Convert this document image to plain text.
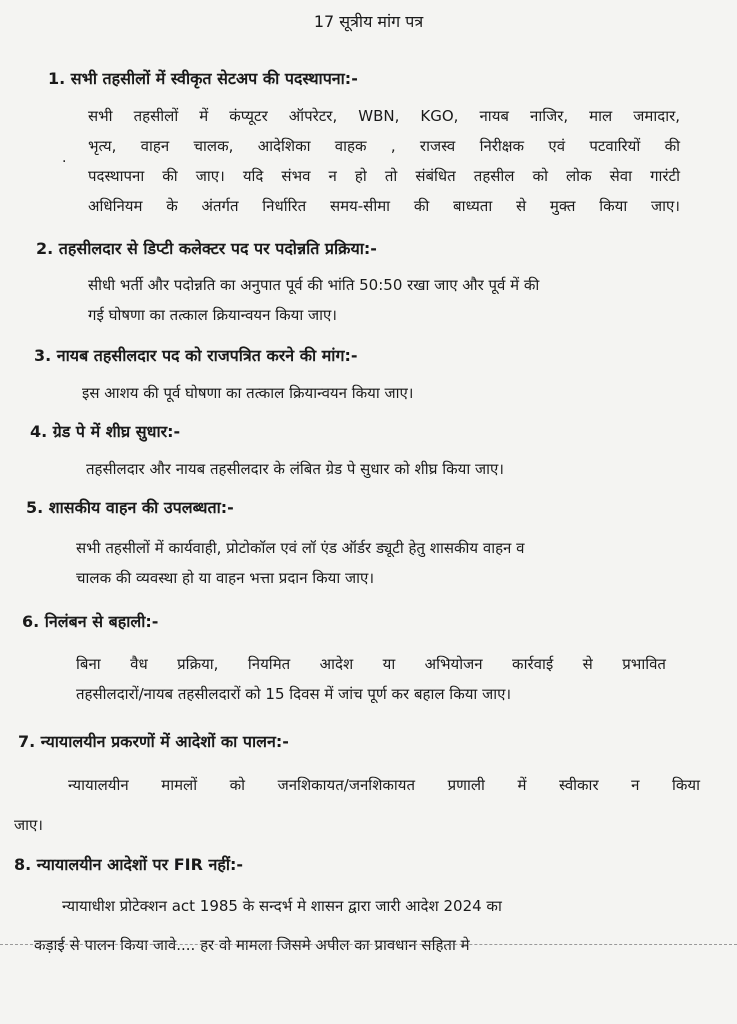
17 सूत्रीय मांग पत्र
1. सभी तहसीलों में स्वीकृत सेटअप की पदस्थापना:-
.
सभी तहसीलों में कंप्यूटर ऑपरेटर, WBN, KGO, नायब नाजिर, माल जमादार,
भृत्य, वाहन चालक, आदेशिका वाहक , राजस्व निरीक्षक एवं पटवारियों की
पदस्थापना की जाए। यदि संभव न हो तो संबंधित तहसील को लोक सेवा गारंटी
अधिनियम के अंतर्गत निर्धारित समय-सीमा की बाध्यता से मुक्त किया जाए।
2. तहसीलदार से डिप्टी कलेक्टर पद पर पदोन्नति प्रक्रिया:-
सीधी भर्ती और पदोन्नति का अनुपात पूर्व की भांति 50:50 रखा जाए और पूर्व में की
गई घोषणा का तत्काल क्रियान्वयन किया जाए।
3. नायब तहसीलदार पद को राजपत्रित करने की मांग:-
इस आशय की पूर्व घोषणा का तत्काल क्रियान्वयन किया जाए।
4. ग्रेड पे में शीघ्र सुधार:-
तहसीलदार और नायब तहसीलदार के लंबित ग्रेड पे सुधार को शीघ्र किया जाए।
5. शासकीय वाहन की उपलब्धता:-
सभी तहसीलों में कार्यवाही, प्रोटोकॉल एवं लॉ एंड ऑर्डर ड्यूटी हेतु शासकीय वाहन व
चालक की व्यवस्था हो या वाहन भत्ता प्रदान किया जाए।
6. निलंबन से बहाली:-
बिना वैध प्रक्रिया, नियमित आदेश या अभियोजन कार्रवाई से प्रभावित
तहसीलदारों/नायब तहसीलदारों को 15 दिवस में जांच पूर्ण कर बहाल किया जाए।
7. न्यायालयीन प्रकरणों में आदेशों का पालन:-
न्यायालयीन मामलों को जनशिकायत/जनशिकायत प्रणाली में स्वीकार न किया
जाए।
8. न्यायालयीन आदेशों पर FIR नहीं:-
न्यायाधीश प्रोटेक्शन act 1985 के सन्दर्भ मे शासन द्वारा जारी आदेश 2024 का
कड़ाई से पालन किया जावे.... हर वो मामला जिसमे अपील का प्रावधान सहिता मे
